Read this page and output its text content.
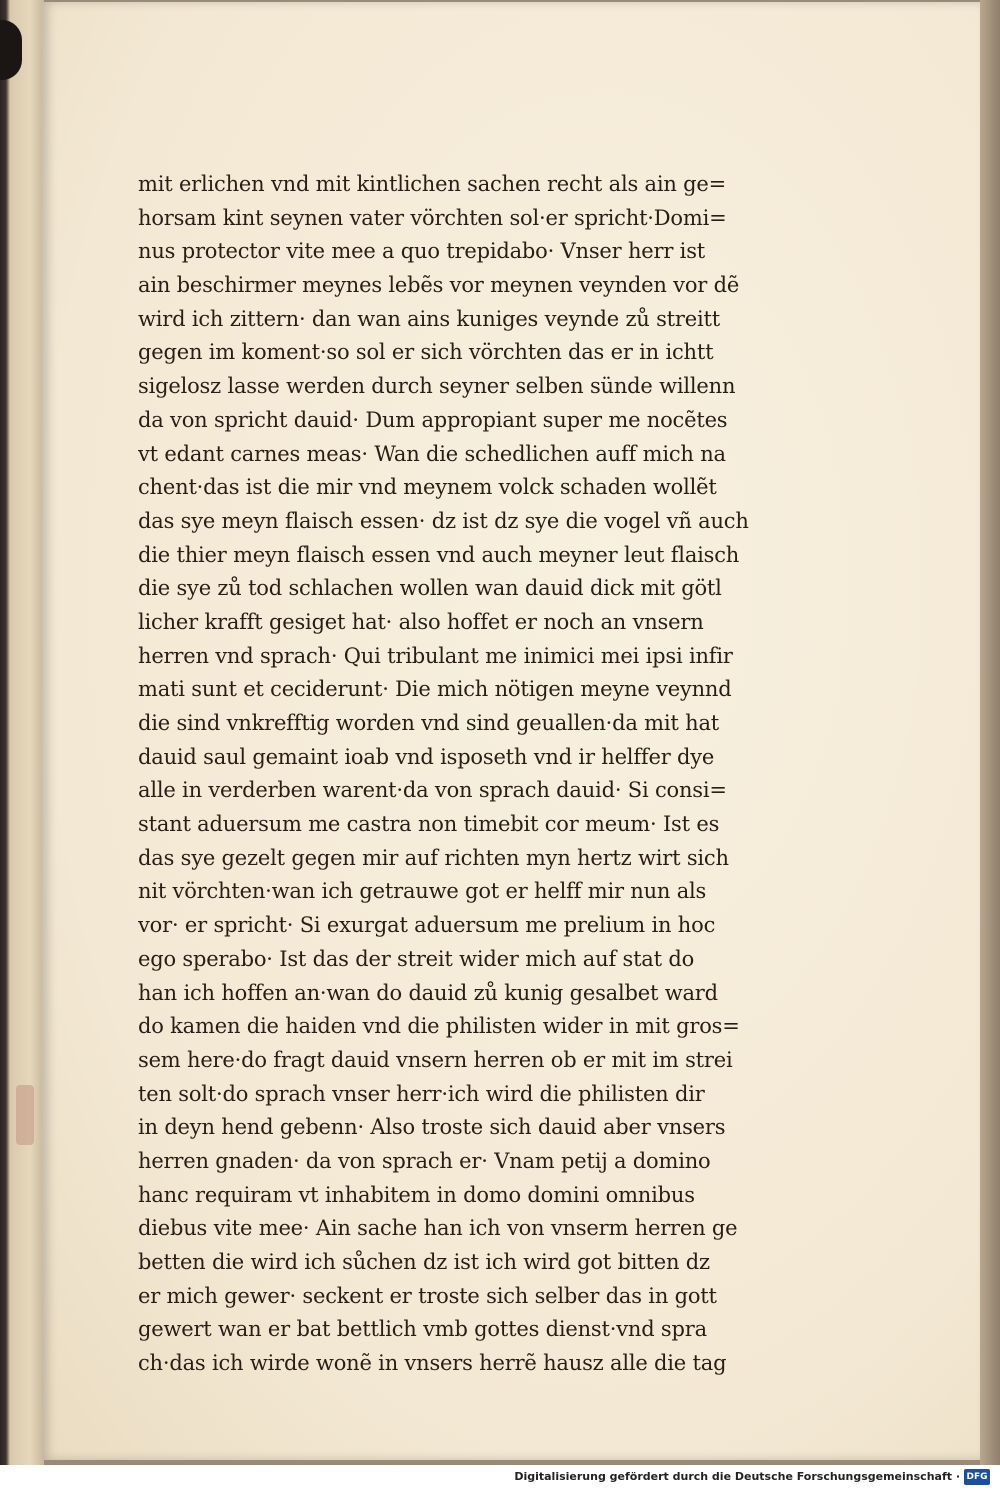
mit erlichen vnd mit kintlichen sachen recht als ain ge=
horsam kint seynen vater vörchten sol·er spricht·Domi=
nus protector vite mee a quo trepidabo· Vnser herr ist
ain beschirmer meynes lebẽs vor meynen veynden vor dẽ
wird ich zittern· dan wan ains kuniges veynde zů streitt
gegen im koment·so sol er sich vörchten das er in ichtt
sigelosz lasse werden durch seyner selben sünde willenn
da von spricht dauid· Dum appropiant super me nocẽtes
vt edant carnes meas· Wan die schedlichen auff mich na
chent·das ist die mir vnd meynem volck schaden wollẽt
das sye meyn flaisch essen· dz ist dz sye die vogel vñ auch
die thier meyn flaisch essen vnd auch meyner leut flaisch
die sye zů tod schlachen wollen wan dauid dick mit götl
licher krafft gesiget hat· also hoffet er noch an vnsern
herren vnd sprach· Qui tribulant me inimici mei ipsi infir
mati sunt et ceciderunt· Die mich nötigen meyne veynnd
die sind vnkrefftig worden vnd sind geuallen·da mit hat
dauid saul gemaint ioab vnd isposeth vnd ir helffer dye
alle in verderben warent·da von sprach dauid· Si consi=
stant aduersum me castra non timebit cor meum· Ist es
das sye gezelt gegen mir auf richten myn hertz wirt sich
nit vörchten·wan ich getrauwe got er helff mir nun als
vor· er spricht· Si exurgat aduersum me prelium in hoc
ego sperabo· Ist das der streit wider mich auf stat do
han ich hoffen an·wan do dauid zů kunig gesalbet ward
do kamen die haiden vnd die philisten wider in mit gros=
sem here·do fragt dauid vnsern herren ob er mit im strei
ten solt·do sprach vnser herr·ich wird die philisten dir
in deyn hend gebenn· Also troste sich dauid aber vnsers
herren gnaden· da von sprach er· Vnam petij a domino
hanc requiram vt inhabitem in domo domini omnibus
diebus vite mee· Ain sache han ich von vnserm herren ge
betten die wird ich sůchen dz ist ich wird got bitten dz
er mich gewer· seckent er troste sich selber das in gott
gewert wan er bat bettlich vmb gottes dienst·vnd spra
ch·das ich wirde wonẽ in vnsers herrẽ hausz alle die tag
Digitalisierung gefördert durch die Deutsche Forschungsgemeinschaft · DFG
